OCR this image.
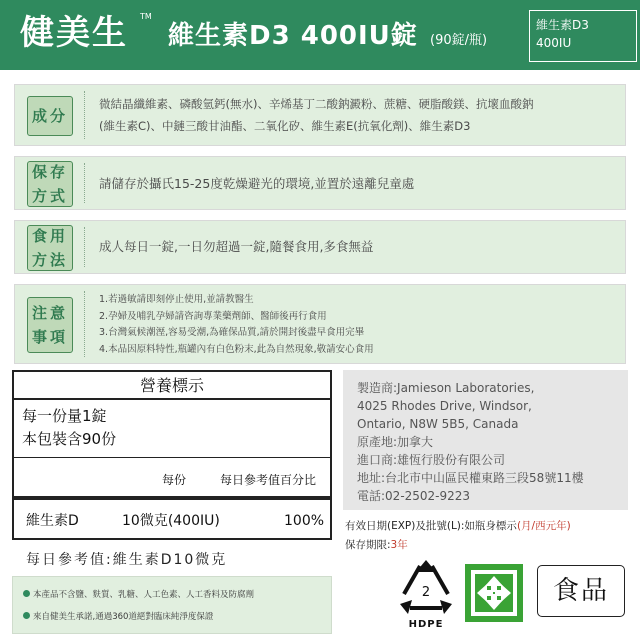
健美生 TM
維生素D3 400IU錠 (90錠/瓶)
維生素D3
400IU
成分
微結晶纖維素、磷酸氫鈣(無水)、辛烯基丁二酸鈉澱粉、蔗糖、硬脂酸鎂、抗壞血酸鈉
(維生素C)、中鏈三酸甘油酯、二氧化矽、維生素E(抗氧化劑)、維生素D3
保存
方式
請儲存於攝氏15-25度乾燥避光的環境,並置於遠離兒童處
食用
方法
成人每日一錠,一日勿超過一錠,隨餐食用,多食無益
注意
事項
1.若過敏請即刻停止使用,並請教醫生
2.孕婦及哺乳孕婦請咨詢專業藥劑師、醫師後再行食用
3.台灣氣候潮溼,容易受潮,為確保品質,請於開封後盡早食用完畢
4.本品因原料特性,瓶罐內有白色粉末,此為自然現象,敬請安心食用
營養標示
每一份量1錠
本包裝含90份
每份	每日參考值百分比
維生素D	10微克(400IU)	100%
每日參考值:維生素D10微克
本產品不含鹽、麩質、乳糖、人工色素、人工香料及防腐劑
來自健美生承諾,通過360道絕對臨床純淨度保證
製造商:Jamieson Laboratories,
4025 Rhodes Drive, Windsor,
Ontario, N8W 5B5, Canada
原產地:加拿大
進口商:雄恆行股份有限公司
地址:台北市中山區民權東路三段58號11樓
電話:02-2502-9223
有效日期(EXP)及批號(L):如瓶身標示(月/西元年)
保存期限:3年
2
HDPE
食品
